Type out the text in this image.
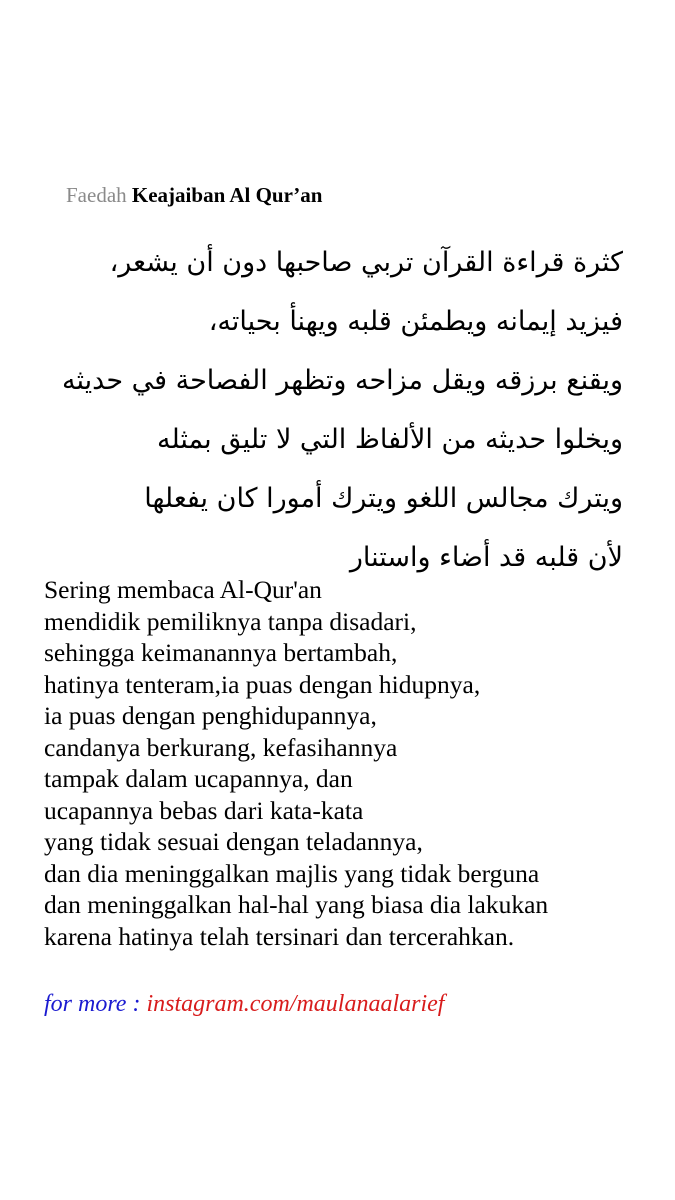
Faedah Keajaiban Al Qur’an
كثرة قراءة القرآن تربي صاحبها دون أن يشعر،
فيزيد إيمانه ويطمئن قلبه ويهنأ بحياته،
ويقنع برزقه ويقل مزاحه وتظهر الفصاحة في حديثه
ويخلوا حديثه من الألفاظ التي لا تليق بمثله
ويترك مجالس اللغو ويترك أمورا كان يفعلها
لأن قلبه قد أضاء واستنار
Sering membaca Al-Qur'an
mendidik pemiliknya tanpa disadari,
sehingga keimanannya bertambah,
hatinya tenteram,ia puas dengan hidupnya,
ia puas dengan penghidupannya,
candanya berkurang, kefasihannya
tampak dalam ucapannya, dan
ucapannya bebas dari kata-kata
yang tidak sesuai dengan teladannya,
dan dia meninggalkan majlis yang tidak berguna
dan meninggalkan hal-hal yang biasa dia lakukan
karena hatinya telah tersinari dan tercerahkan.
for more : instagram.com/maulanaalarief
